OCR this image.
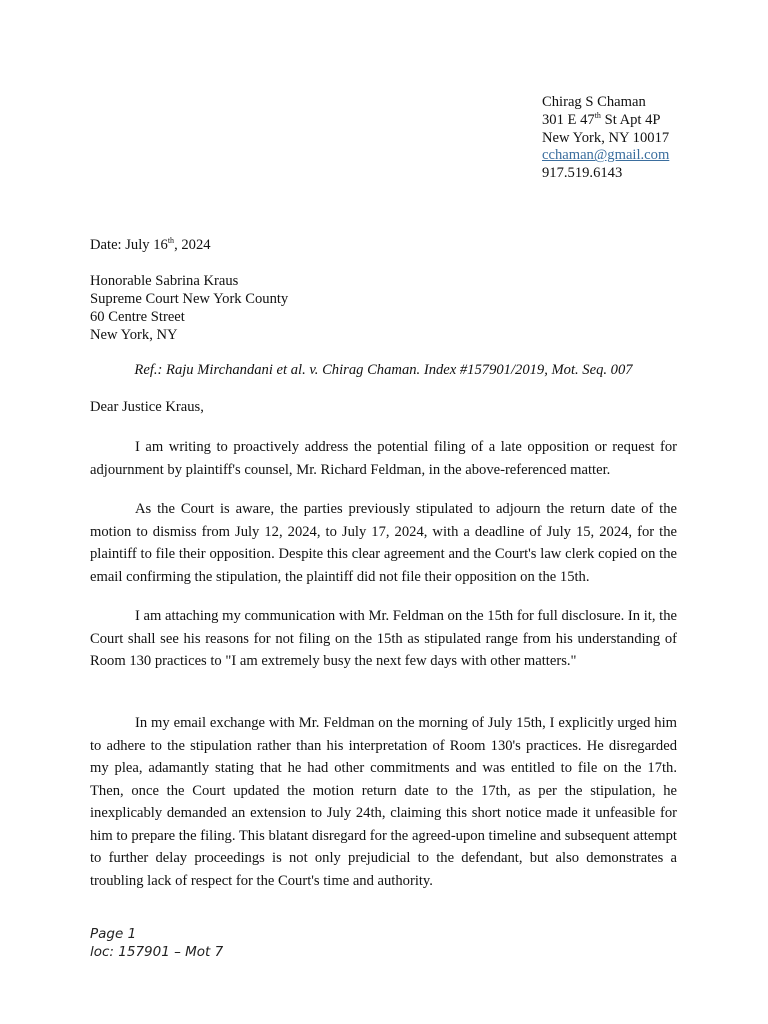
Chirag S Chaman
301 E 47th St Apt 4P
New York, NY 10017
cchaman@gmail.com
917.519.6143
Date: July 16th, 2024
Honorable Sabrina Kraus
Supreme Court New York County
60 Centre Street
New York, NY
Ref.: Raju Mirchandani et al. v. Chirag Chaman. Index #157901/2019, Mot. Seq. 007
Dear Justice Kraus,

I am writing to proactively address the potential filing of a late opposition or request for adjournment by plaintiff's counsel, Mr. Richard Feldman, in the above-referenced matter.

As the Court is aware, the parties previously stipulated to adjourn the return date of the motion to dismiss from July 12, 2024, to July 17, 2024, with a deadline of July 15, 2024, for the plaintiff to file their opposition. Despite this clear agreement and the Court's law clerk copied on the email confirming the stipulation, the plaintiff did not file their opposition on the 15th.

I am attaching my communication with Mr. Feldman on the 15th for full disclosure. In it, the Court shall see his reasons for not filing on the 15th as stipulated range from his understanding of Room 130 practices to "I am extremely busy the next few days with other matters."

In my email exchange with Mr. Feldman on the morning of July 15th, I explicitly urged him to adhere to the stipulation rather than his interpretation of Room 130's practices. He disregarded my plea, adamantly stating that he had other commitments and was entitled to file on the 17th. Then, once the Court updated the motion return date to the 17th, as per the stipulation, he inexplicably demanded an extension to July 24th, claiming this short notice made it unfeasible for him to prepare the filing. This blatant disregard for the agreed-upon timeline and subsequent attempt to further delay proceedings is not only prejudicial to the defendant, but also demonstrates a troubling lack of respect for the Court's time and authority.

Page 1
loc: 157901 – Mot 7
